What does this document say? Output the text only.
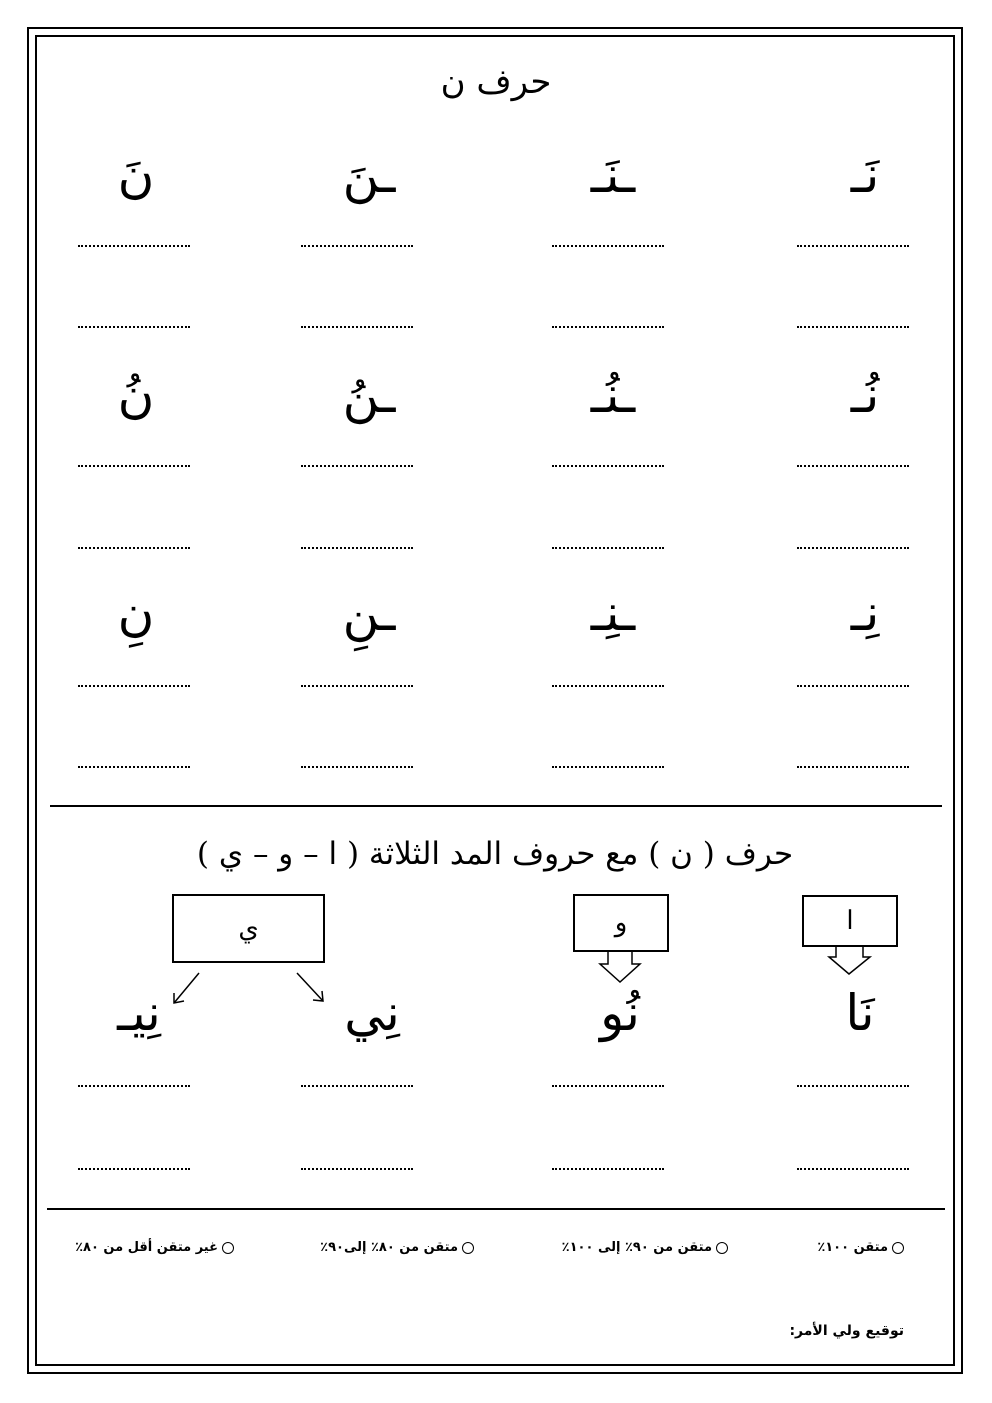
حرف ن
نَـ
ـنَـ
ـنَ
نَ
نُـ
ـنُـ
ـنُ
نُ
نِـ
ـنِـ
ـنِ
نِ
حرف ( ن ) مع حروف المد الثلاثة ( ا – و – ي )
ا
و
ي
نَا
نُو
نِي
نِيـ
متقن ١٠٠٪
متقن من ٩٠٪ إلى ١٠٠٪
متقن من ٨٠٪ إلى٩٠٪
غير متقن أقل من ٨٠٪
توقيع ولي الأمر:
